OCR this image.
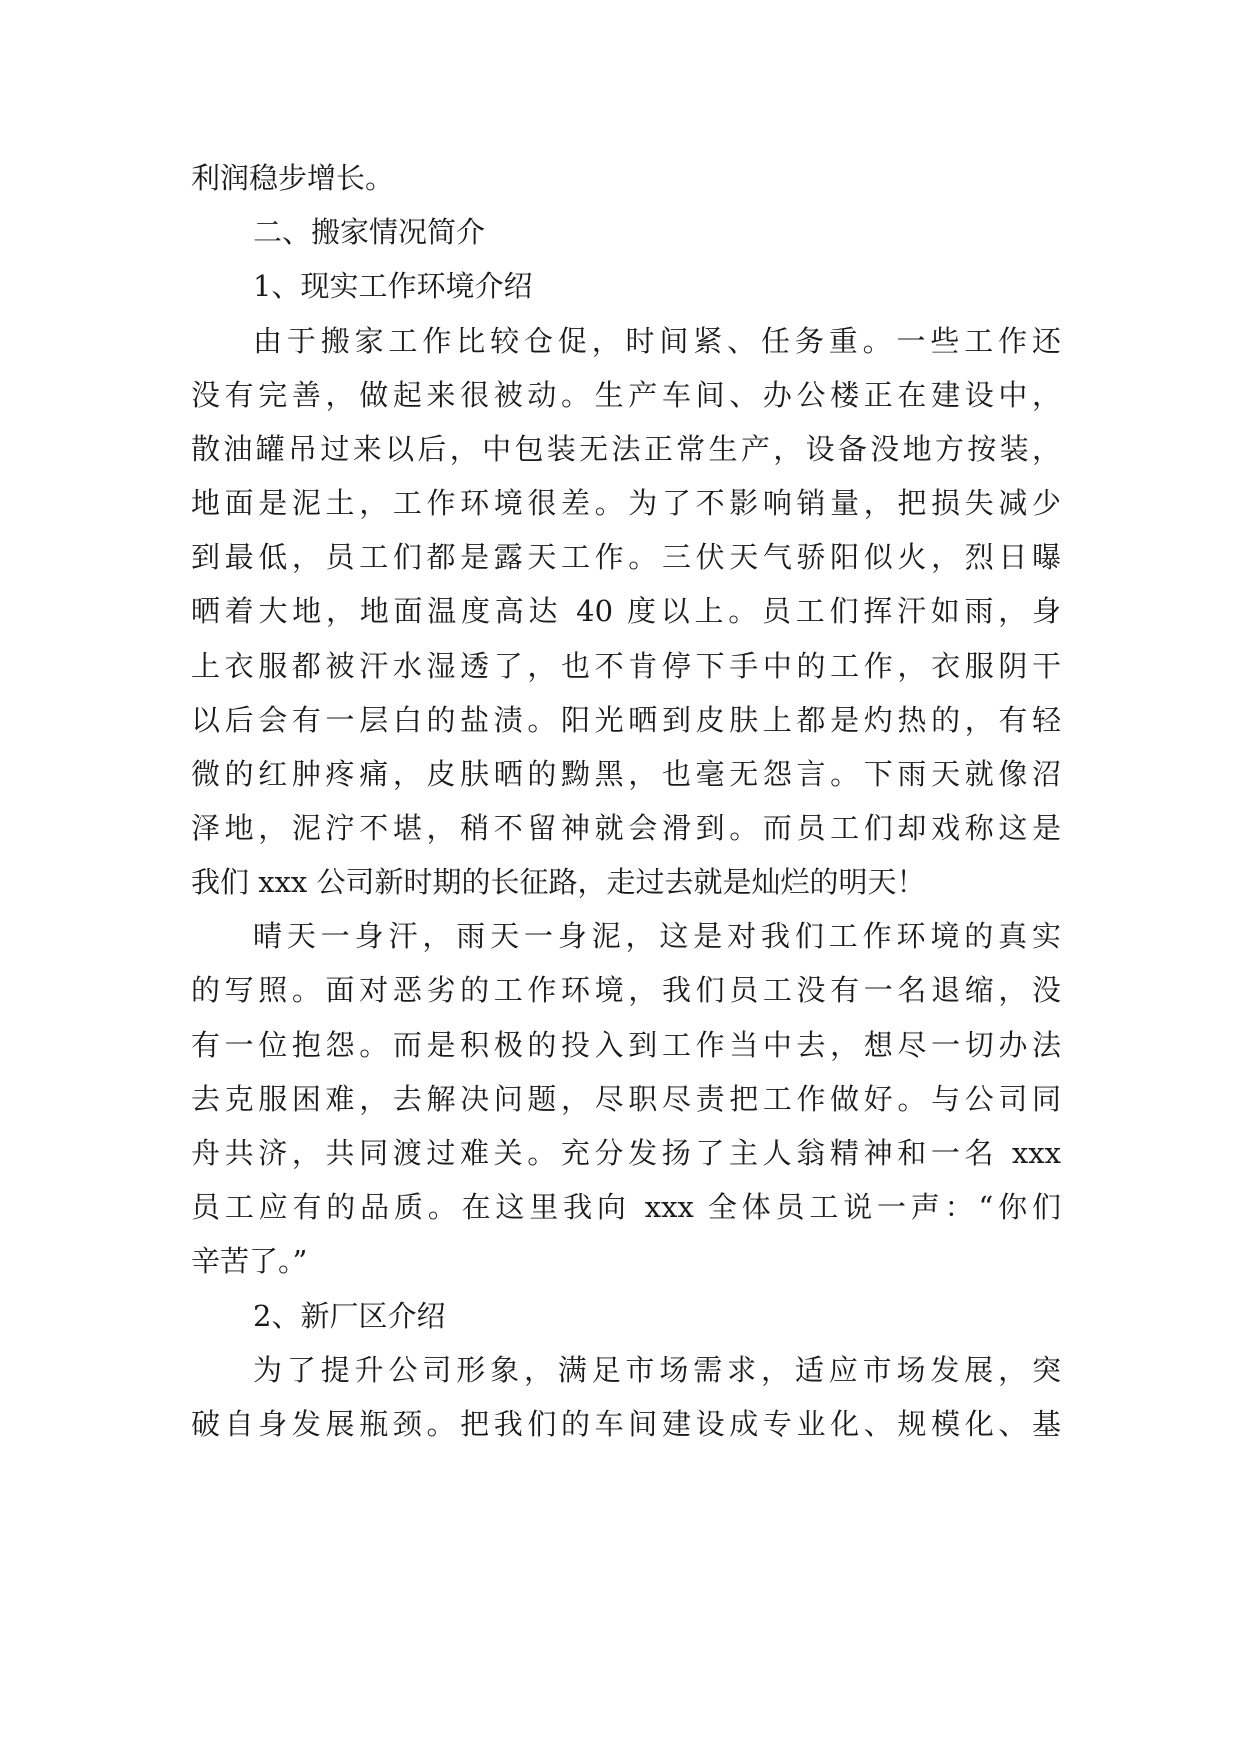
利润稳步增长。
二、搬家情况简介
1、现实工作环境介绍
由于搬家工作比较仓促，时间紧、任务重。一些工作还
没有完善，做起来很被动。生产车间、办公楼正在建设中，
散油罐吊过来以后，中包装无法正常生产，设备没地方按装，
地面是泥土，工作环境很差。为了不影响销量，把损失减少
到最低，员工们都是露天工作。三伏天气骄阳似火，烈日曝
晒着大地，地面温度高达 40 度以上。员工们挥汗如雨，身
上衣服都被汗水湿透了，也不肯停下手中的工作，衣服阴干
以后会有一层白的盐渍。阳光晒到皮肤上都是灼热的，有轻
微的红肿疼痛，皮肤晒的黝黑，也毫无怨言。下雨天就像沼
泽地，泥泞不堪，稍不留神就会滑到。而员工们却戏称这是
我们 xxx 公司新时期的长征路，走过去就是灿烂的明天！
晴天一身汗，雨天一身泥，这是对我们工作环境的真实
的写照。面对恶劣的工作环境，我们员工没有一名退缩，没
有一位抱怨。而是积极的投入到工作当中去，想尽一切办法
去克服困难，去解决问题，尽职尽责把工作做好。与公司同
舟共济，共同渡过难关。充分发扬了主人翁精神和一名 xxx
员工应有的品质。在这里我向 xxx 全体员工说一声：“你们
辛苦了。”
2、新厂区介绍
为了提升公司形象，满足市场需求，适应市场发展，突
破自身发展瓶颈。把我们的车间建设成专业化、规模化、基
